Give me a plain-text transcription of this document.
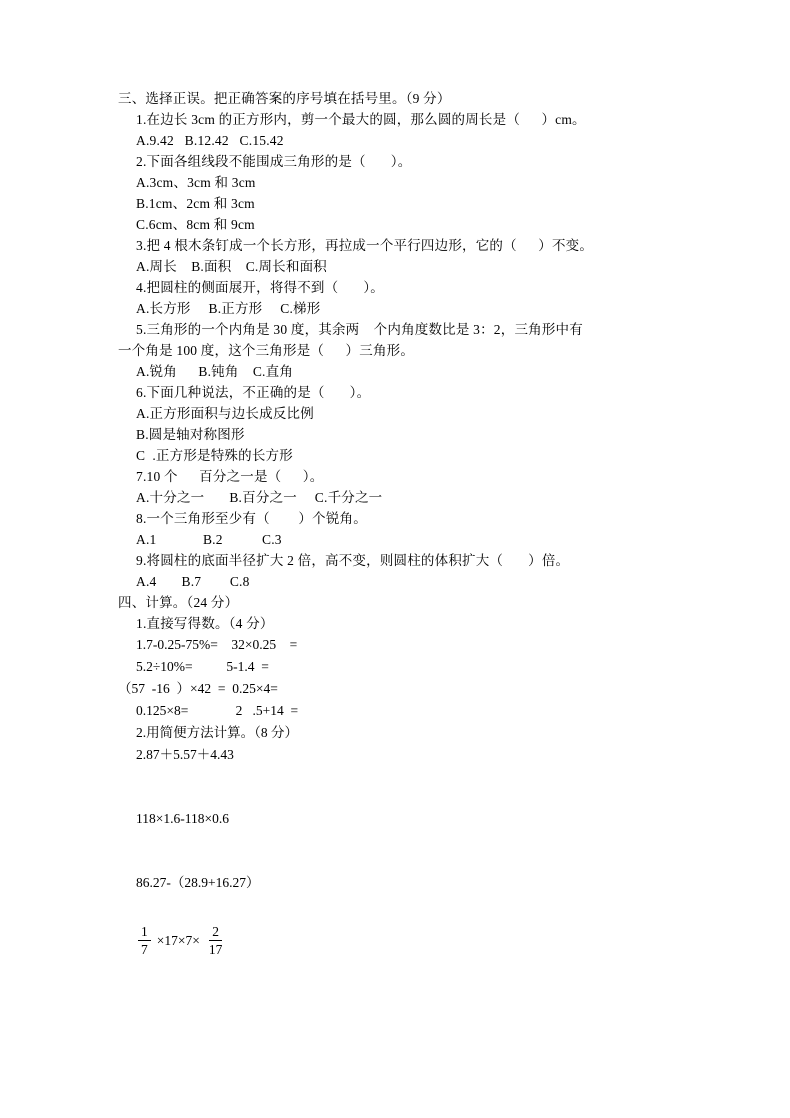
三、选择正误。把正确答案的序号填在括号里。（9 分）
1.在边长 3cm 的正方形内，剪一个最大的圆，那么圆的周长是（      ）cm。
A.9.42   B.12.42   C.15.42
2.下面各组线段不能围成三角形的是（       ）。
A.3cm、3cm 和 3cm
B.1cm、2cm 和 3cm
C.6cm、8cm 和 9cm
3.把 4 根木条钉成一个长方形，再拉成一个平行四边形，它的（      ）不变。
A.周长    B.面积    C.周长和面积
4.把圆柱的侧面展开，将得不到（       ）。
A.长方形     B.正方形     C.梯形
5.三角形的一个内角是 30 度，其余两    个内角度数比是 3：2，三角形中有
一个角是 100 度，这个三角形是（      ）三角形。
A.锐角      B.钝角    C.直角
6.下面几种说法，不正确的是（       ）。
A.正方形面积与边长成反比例
B.圆是轴对称图形
C  .正方形是特殊的长方形
7.10 个      百分之一是（      ）。
A.十分之一       B.百分之一     C.千分之一
8.一个三角形至少有（        ）个锐角。
A.1             B.2           C.3
9.将圆柱的底面半径扩大 2 倍，高不变，则圆柱的体积扩大（       ）倍。
A.4       B.7        C.8
四、计算。（24 分）
1.直接写得数。（4 分）
1.7-0.25-75%=    32×0.25    =
5.2÷10%=          5-1.4  =
（57  -16  ）×42  =  0.25×4=
0.125×8=              2   .5+14  =
2.用简便方法计算。（8 分）
2.87＋5.57＋4.43
118×1.6-118×0.6
86.27-（28.9+16.27）
$\frac{1}{7} \times 17\times 7\times \frac{2}{17}$
